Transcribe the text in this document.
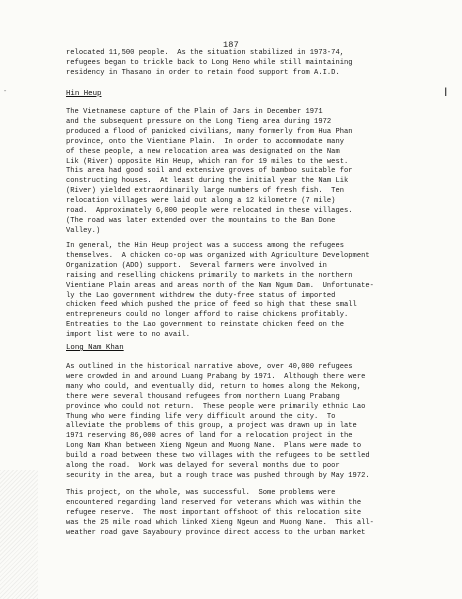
187
-	|

relocated 11,500 people.  As the situation stabilized in 1973-74,
refugees began to trickle back to Long Heno while still maintaining
residency in Thasano in order to retain food support from A.I.D.

Hin Heup

The Vietnamese capture of the Plain of Jars in December 1971
and the subsequent pressure on the Long Tieng area during 1972
produced a flood of panicked civilians, many formerly from Hua Phan
province, onto the Vientiane Plain.  In order to accommodate many
of these people, a new relocation area was designated on the Nam
Lik (River) opposite Hin Heup, which ran for 19 miles to the west.
This area had good soil and extensive groves of bamboo suitable for
constructing houses.  At least during the initial year the Nam Lik
(River) yielded extraordinarily large numbers of fresh fish.  Ten
relocation villages were laid out along a 12 kilometre (7 mile)
road.  Approximately 6,000 people were relocated in these villages.
(The road was later extended over the mountains to the Ban Done
Valley.)

In general, the Hin Heup project was a success among the refugees
themselves.  A chicken co-op was organized with Agriculture Development
Organization (ADO) support.  Several farmers were involved in
raising and reselling chickens primarily to markets in the northern
Vientiane Plain areas and areas north of the Nam Ngum Dam.  Unfortunate-
ly the Lao government withdrew the duty-free status of imported
chicken feed which pushed the price of feed so high that these small
entrepreneurs could no longer afford to raise chickens profitably.
Entreaties to the Lao government to reinstate chicken feed on the
import list were to no avail.

Long Nam Khan

As outlined in the historical narrative above, over 40,000 refugees
were crowded in and around Luang Prabang by 1971.  Although there were
many who could, and eventually did, return to homes along the Mekong,
there were several thousand refugees from northern Luang Prabang
province who could not return.  These people were primarily ethnic Lao
Thung who were finding life very difficult around the city.  To
alleviate the problems of this group, a project was drawn up in late
1971 reserving 86,000 acres of land for a relocation project in the
Long Nam Khan between Xieng Ngeun and Muong Nane.  Plans were made to
build a road between these two villages with the refugees to be settled
along the road.  Work was delayed for several months due to poor
security in the area, but a rough trace was pushed through by May 1972.

This project, on the whole, was successful.  Some problems were
encountered regarding land reserved for veterans which was within the
refugee reserve.  The most important offshoot of this relocation site
was the 25 mile road which linked Xieng Ngeun and Muong Nane.  This all-
weather road gave Sayaboury province direct access to the urban market
